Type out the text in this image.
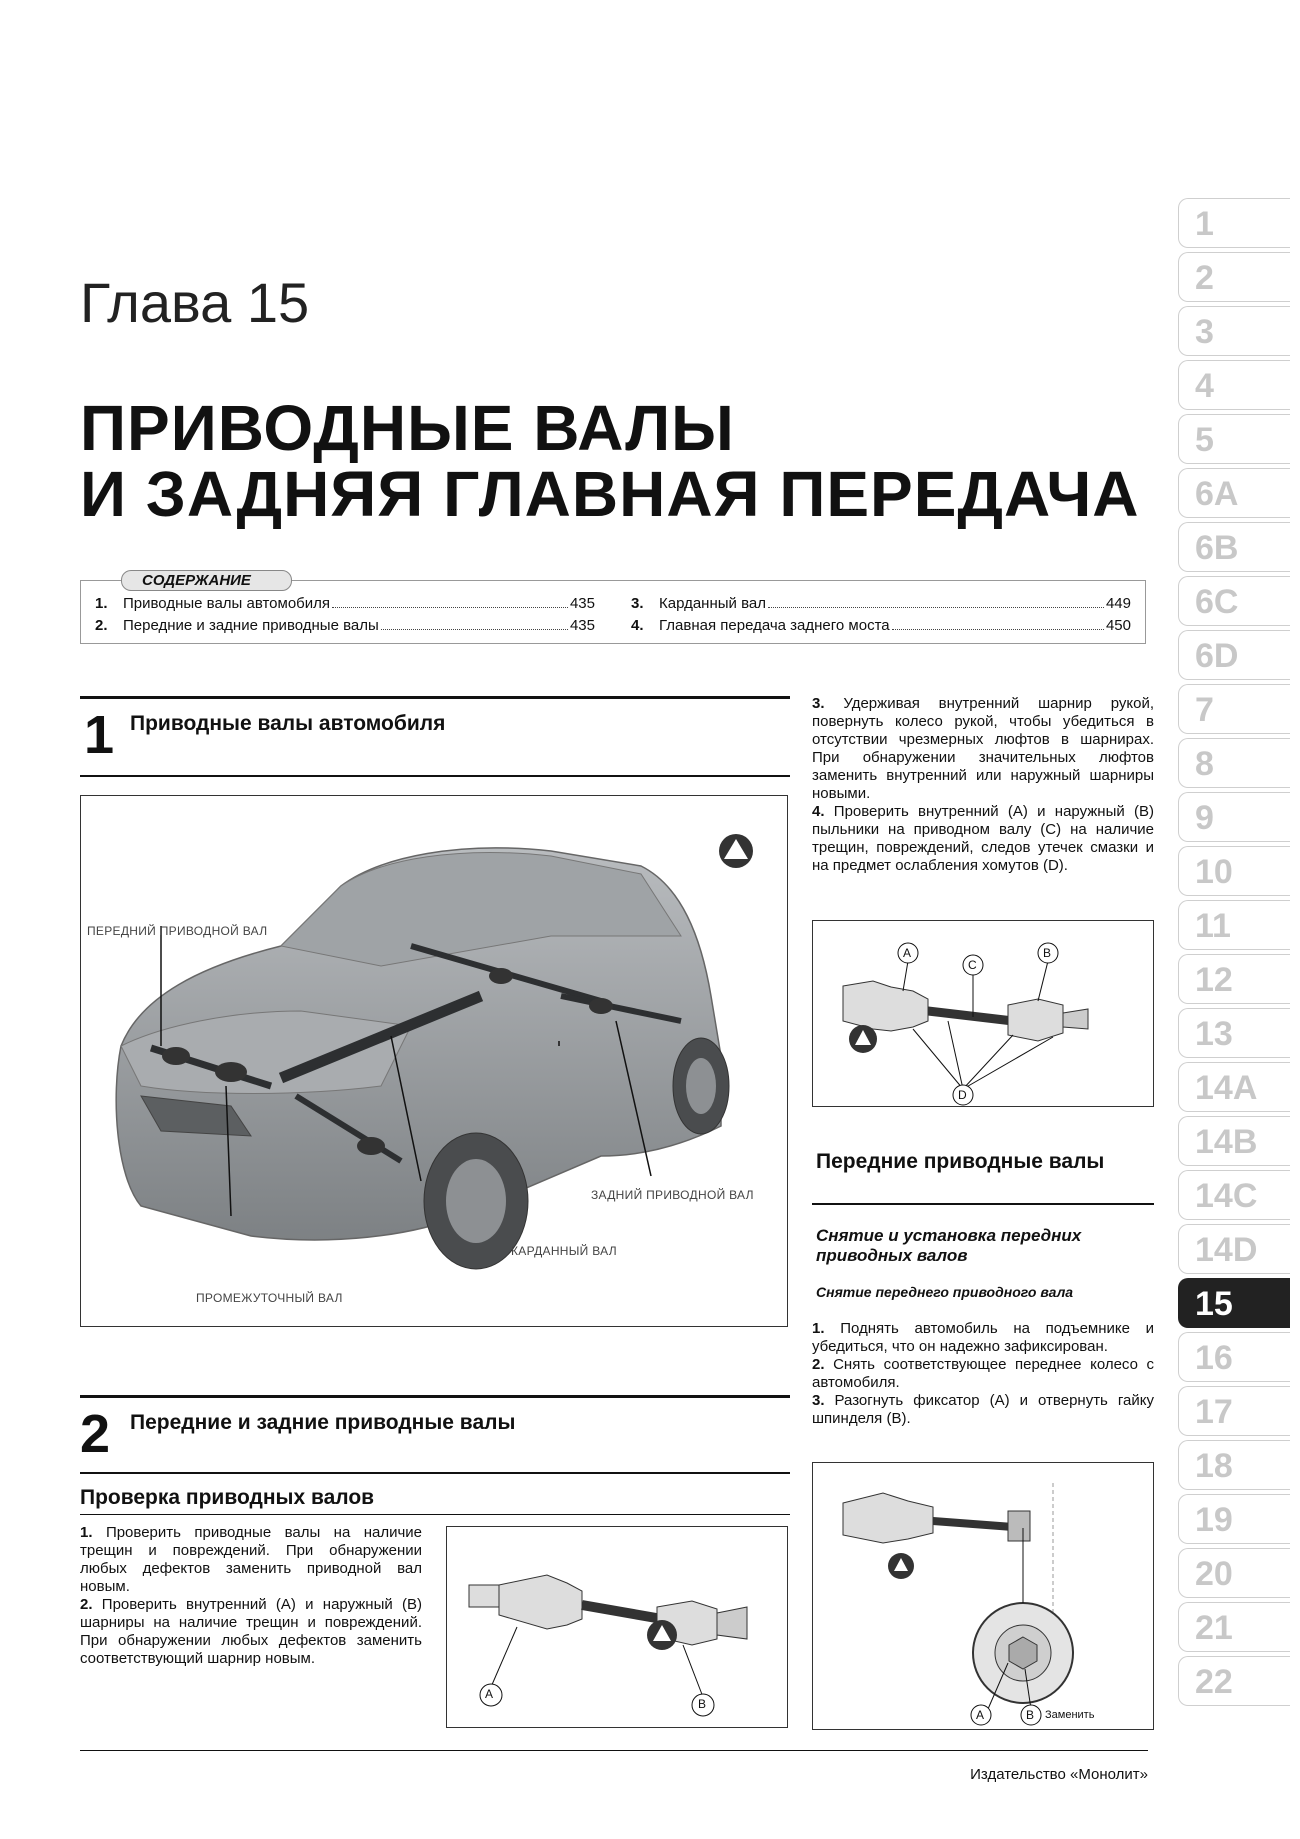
Глава 15
ПРИВОДНЫЕ ВАЛЫ
И ЗАДНЯЯ ГЛАВНАЯ ПЕРЕДАЧА
СОДЕРЖАНИЕ
1.	Приводные валы автомобиля	435
2.	Передние и задние приводные валы	435
3.	Карданный вал	449
4.	Главная передача заднего моста	450
1 Приводные валы автомобиля
ПЕРЕДНИЙ ПРИВОДНОЙ ВАЛ
ЗАДНИЙ ПРИВОДНОЙ ВАЛ
КАРДАННЫЙ ВАЛ
ПРОМЕЖУТОЧНЫЙ ВАЛ
2 Передние и задние приводные валы
Проверка приводных валов
1. Проверить приводные валы на наличие трещин и повреждений. При обнаружении любых дефектов заменить приводной вал новым.
2. Проверить внутренний (А) и наружный (В) шарниры на наличие трещин и повреждений. При обнаружении любых дефектов заменить соответствующий шарнир новым.
A
B
3. Удерживая внутренний шарнир рукой, повернуть колесо рукой, чтобы убедиться в отсутствии чрезмерных люфтов в шарнирах. При обнаружении значительных люфтов заменить внутренний или наружный шарниры новыми.
4. Проверить внутренний (А) и наружный (В) пыльники на приводном валу (С) на наличие трещин, повреждений, следов утечек смазки и на предмет ослабления хомутов (D).
A
C
B
D
Передние приводные валы
Снятие и установка передних приводных валов
Снятие переднего приводного вала
1. Поднять автомобиль на подъемнике и убедиться, что он надежно зафиксирован.
2. Снять соответствующее переднее колесо с автомобиля.
3. Разогнуть фиксатор (А) и отвернуть гайку шпинделя (В).
A	B Заменить
1
2
3
4
5
6A
6B
6C
6D
7
8
9
10
11
12
13
14A
14B
14C
14D
15
16
17
18
19
20
21
22
Издательство «Монолит»
